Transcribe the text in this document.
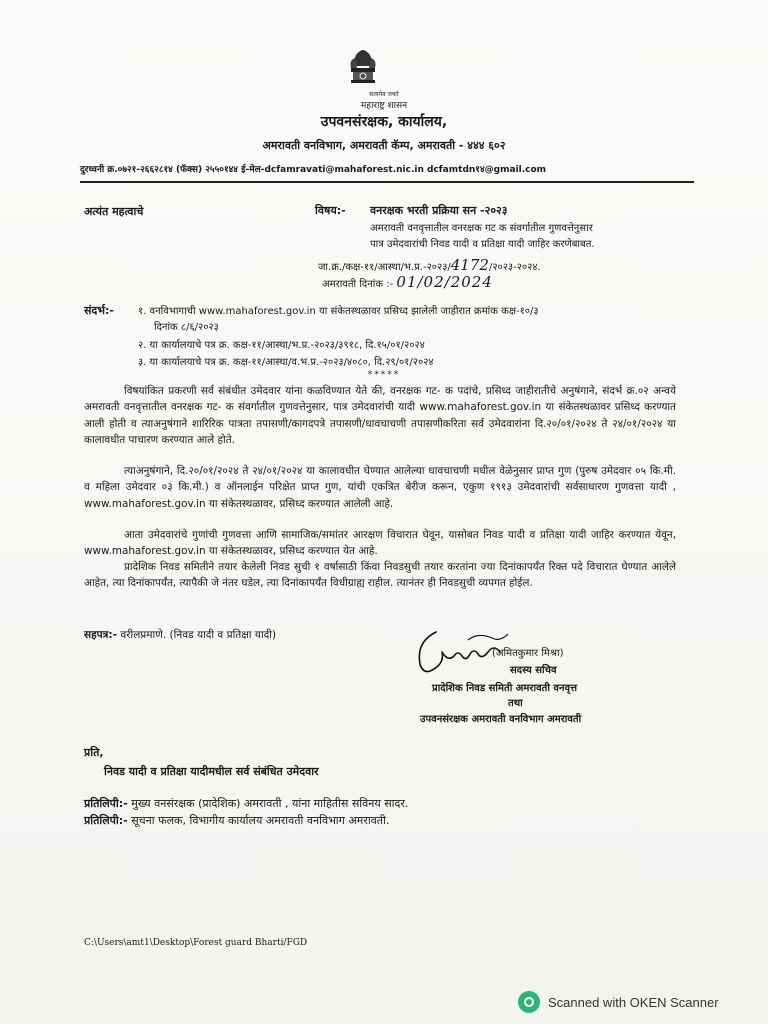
सत्यमेव जयते
महाराष्ट्र शासन
उपवनसंरक्षक, कार्यालय,
अमरावती वनविभाग, अमरावती कॅम्प, अमरावती - ४४४ ६०२
दुरध्वनी क्र.०७२१-२६६२८१४ (फॅक्स) २५५०१४४ ई-मेल-dcfamravati@mahaforest.nic.in dcfamtdn१४@gmail.com
अत्यंत महत्वाचे	विषय:- वनरक्षक भरती प्रक्रिया सन -२०२३
अमरावती वनवृत्तातील वनरक्षक गट क संवर्गातील गुणवत्तेनुसार
पात्र उमेदवारांची निवड यादी व प्रतिक्षा यादी जाहिर करणेबाबत.
जा.क्र./कक्ष-११/आस्था/भ.प्र.-२०२३/4172/२०२३-२०२४.
अमरावती दिनांक :- 01/02/2024
संदर्भ:- १. वनविभागाची www.mahaforest.gov.in या संकेतस्थळावर प्रसिध्द झालेली जाहीरात क्रमांक कक्ष-१०/३
दिनांक ८/६/२०२३
२. या कार्यालयाचे पत्र क्र. कक्ष-११/आस्था/भ.प्र.-२०२३/३९१८, दि.१५/०१/२०२४
३. या कार्यालयाचे पत्र क्र. कक्ष-११/आस्था/व.भ.प्र.-२०२३/४०८०, दि.२९/०१/२०२४
*****
विषयांकित प्रकरणी सर्व संबंधीत उमेदवार यांना कळविण्यात येते की, वनरक्षक गट- क पदांचे, प्रसिध्द जाहीरातीचे अनुषंगाने, संदर्भ क्र.०२ अन्वये अमरावती वनवृत्तातील वनरक्षक गट- क संवर्गातील गुणवत्तेनुसार, पात्र उमेदवारांची यादी www.mahaforest.gov.in या संकेतस्थळावर प्रसिध्द करण्यात आली होती व त्याअनुषंगाने शारिरिक पात्रता तपासणी/कागदपत्रे तपासणी/धावचाचणी तपासणीकरिता सर्व उमेदवारांना दि.२०/०१/२०२४ ते २४/०१/२०२४ या कालावधीत पाचारण करण्यात आले होते.
त्याअनुषंगाने, दि.२०/०१/२०२४ ते २४/०१/२०२४ या कालावधीत घेण्यात आलेल्या धावचाचणी मधील वेळेनुसार प्राप्त गुण (पुरुष उमेदवार ०५ कि.मी. व महिला उमेदवार ०३ कि.मी.) व ऑनलाईन परिक्षेत प्राप्त गुण, यांची एकत्रित बेरीज करून, एकुण १९१३ उमेदवारांची सर्वसाधारण गुणवत्ता यादी , www.mahaforest.gov.in या संकेतस्थळावर, प्रसिध्द करण्यात आलेली आहे.
आता उमेदवारांचे गुणांची गुणवत्ता आणि सामाजिक/समांतर आरक्षण विचारात घेवून, यासोबत निवड यादी व प्रतिक्षा यादी जाहिर करण्यात येवून, www.mahaforest.gov.in या संकेतस्थळावर, प्रसिध्द करण्यात येत आहे.
प्रादेशिक निवड समितीने तयार केलेली निवड सुची १ वर्षासाठी किंवा निवडसुची तयार करतांना ज्या दिनांकापर्यंत रिक्त पदे विचारात घेण्यात आलेले आहेत, त्या दिनांकापर्यंत, त्यापैकी जे नंतर घडेल, त्या दिनांकापर्यंत विधीग्राह्य राहील. त्यानंतर ही निवडसुची व्यपगत होईल.
सहपत्र:- वरीलप्रमाणे. (निवड यादी व प्रतिक्षा यादी)
(अमितकुमार मिश्रा)
सदस्य सचिव
प्रादेशिक निवड समिती अमरावती वनवृत्त
तथा
उपवनसंरक्षक अमरावती वनविभाग अमरावती
प्रति,
निवड यादी व प्रतिक्षा यादीमधील सर्व संबंधित उमेदवार
प्रतिलिपी:- मुख्य वनसंरक्षक (प्रादेशिक) अमरावती , यांना माहितीस सविनय सादर.
प्रतिलिपी:- सूचना फलक, विभागीय कार्यालय अमरावती वनविभाग अमरावती.
C:\Users\amt1\Desktop\Forest guard Bharti/FGD
Scanned with OKEN Scanner
